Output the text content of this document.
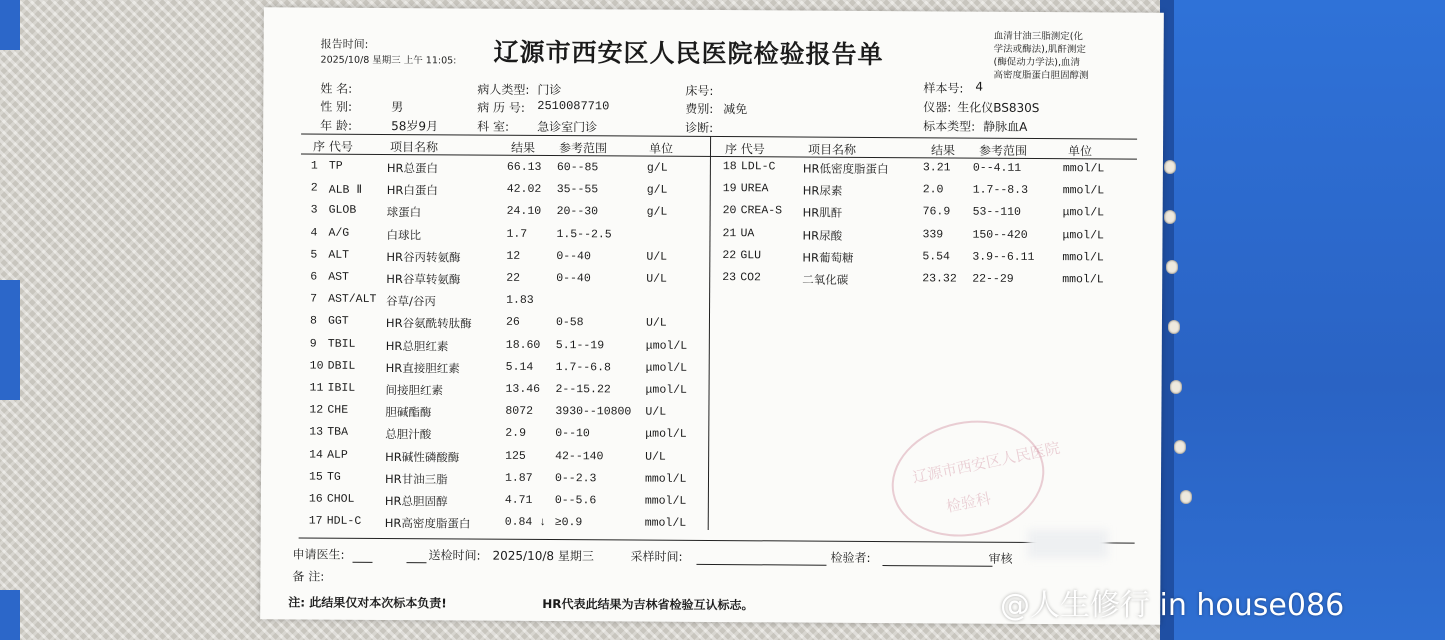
报告时间:
2025/10/8 星期三 上午 11:05: 辽源市西安区人民医院检验报告单
血清甘油三脂测定(化
学法或酶法),肌酐测定
(酶促动力学法),血清
高密度脂蛋白胆固醇测
姓 名:
性 别:	男
年 龄:	58岁9月
病人类型: 门诊
病 历 号: 2510087710
科 室: 急诊室门诊
床号:
费别: 减免
诊断:
样本号: 4
仪器: 生化仪BS830S
标本类型: 静脉血A
序 代号	项目名称	结果 参考范围	单位	序 代号	项目名称	结果 参考范围	单位
1 TP	HR总蛋白	66.13 60--85	g/L
2 ALB Ⅱ HR白蛋白	42.02 35--55	g/L
3 GLOB	球蛋白	24.10 20--30	g/L
4 A/G	白球比	1.7	1.5--2.5
5 ALT	HR谷丙转氨酶	12	0--40	U/L
6 AST	HR谷草转氨酶	22	0--40	U/L
7 AST/ALT 谷草/谷丙	1.83
8 GGT	HR谷氨酰转肽酶	26	0-58	U/L
9 TBIL	HR总胆红素	18.60 5.1--19	μmol/L
10 DBIL	HR直接胆红素	5.14 1.7--6.8	μmol/L
11 IBIL	间接胆红素	13.46 2--15.22	μmol/L
12 CHE	胆碱酯酶	8072 3930--10800 U/L
13 TBA	总胆汁酸	2.9	0--10	μmol/L
14 ALP	HR碱性磷酸酶	125	42--140	U/L
15 TG	HR甘油三脂	1.87 0--2.3	mmol/L
16 CHOL	HR总胆固醇	4.71 0--5.6	mmol/L
17 HDL-C HR高密度脂蛋白	0.84 ↓ ≥0.9	mmol/L
18 LDL-C HR低密度脂蛋白	3.21 0--4.11	mmol/L
19 UREA	HR尿素	2.0	1.7--8.3	mmol/L
20 CREA-S HR肌酐	76.9 53--110	μmol/L
21 UA	HR尿酸	339	150--420	μmol/L
22 GLU	HR葡萄糖	5.54 3.9--6.11 mmol/L
23 CO2	二氧化碳	23.32 22--29	mmol/L
辽源市西安区人民医院
检验科
申请医生:	送检时间: 2025/10/8 星期三	采样时间:	检验者:	审核
备 注:
注: 此结果仅对本次标本负责!	HR代表此结果为吉林省检验互认标志。	@人生修行 in house086
